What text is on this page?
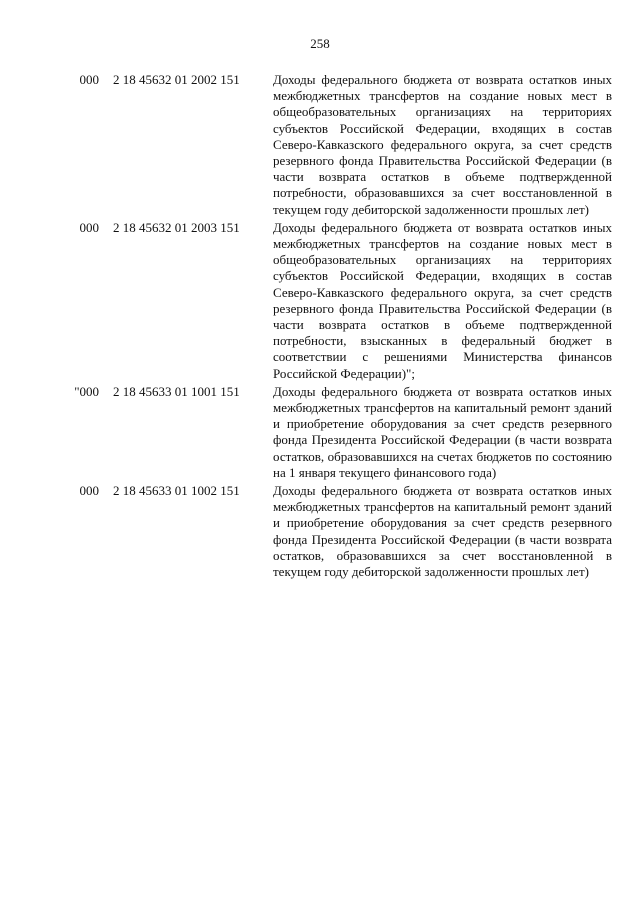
258
000 2 18 45632 01 2002 151	Доходы федерального бюджета от возврата остатков иных межбюджетных трансфертов на создание новых мест в общеобразовательных организациях на территориях субъектов Российской Федерации, входящих в состав Северо-Кавказского федерального округа, за счет средств резервного фонда Правительства Российской Федерации (в части возврата остатков в объеме подтвержденной потребности, образовавшихся за счет восстановленной в текущем году дебиторской задолженности прошлых лет)
000 2 18 45632 01 2003 151	Доходы федерального бюджета от возврата остатков иных межбюджетных трансфертов на создание новых мест в общеобразовательных организациях на территориях субъектов Российской Федерации, входящих в состав Северо-Кавказского федерального округа, за счет средств резервного фонда Правительства Российской Федерации (в части возврата остатков в объеме подтвержденной потребности, взысканных в федеральный бюджет в соответствии с решениями Министерства финансов Российской Федерации)";
"000 2 18 45633 01 1001 151	Доходы федерального бюджета от возврата остатков иных межбюджетных трансфертов на капитальный ремонт зданий и приобретение оборудования за счет средств резервного фонда Президента Российской Федерации (в части возврата остатков, образовавшихся на счетах бюджетов по состоянию на 1 января текущего финансового года)
000 2 18 45633 01 1002 151	Доходы федерального бюджета от возврата остатков иных межбюджетных трансфертов на капитальный ремонт зданий и приобретение оборудования за счет средств резервного фонда Президента Российской Федерации (в части возврата остатков, образовавшихся за счет восстановленной в текущем году дебиторской задолженности прошлых лет)
